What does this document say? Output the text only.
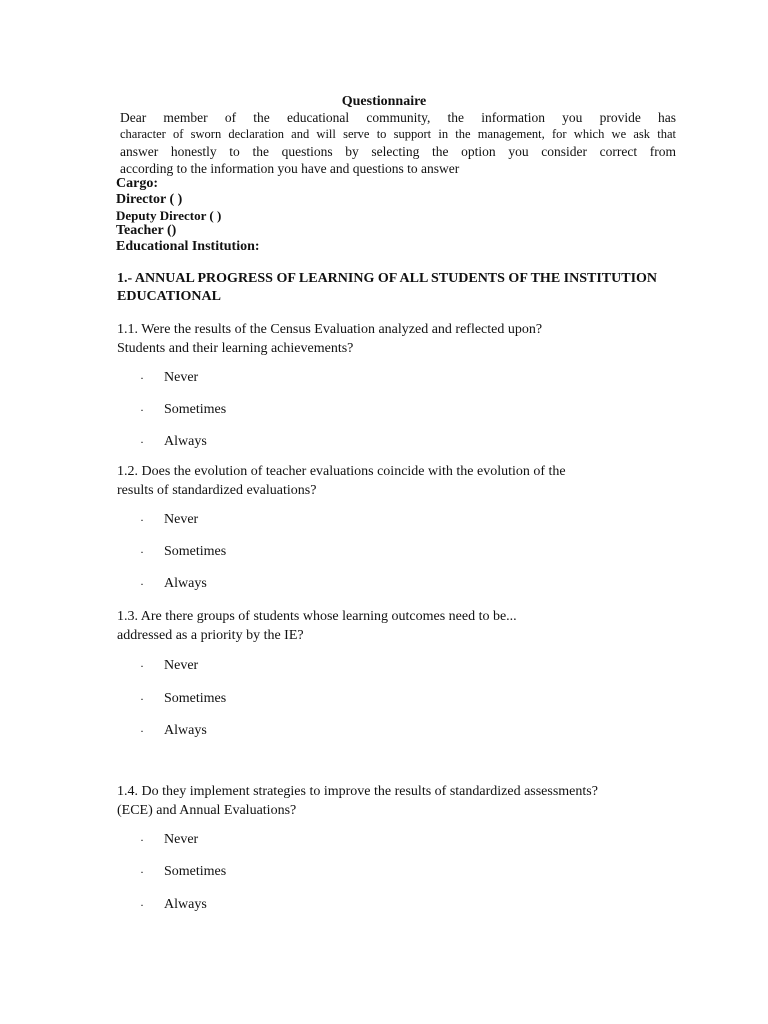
Questionnaire
Dear member of the educational community, the information you provide has
character of sworn declaration and will serve to support in the management, for which we ask that
answer honestly to the questions by selecting the option you consider correct from
according to the information you have and questions to answer
Cargo:
Director ( )
Deputy Director ( )
Teacher ()
Educational Institution:
1.- ANNUAL PROGRESS OF LEARNING OF ALL STUDENTS OF THE INSTITUTION
EDUCATIONAL
1.1. Were the results of the Census Evaluation analyzed and reflected upon?
Students and their learning achievements?
· Never
· Sometimes
· Always
1.2. Does the evolution of teacher evaluations coincide with the evolution of the
results of standardized evaluations?
· Never
· Sometimes
· Always
1.3. Are there groups of students whose learning outcomes need to be...
addressed as a priority by the IE?
· Never
· Sometimes
· Always
1.4. Do they implement strategies to improve the results of standardized assessments?
(ECE) and Annual Evaluations?
· Never
· Sometimes
· Always
